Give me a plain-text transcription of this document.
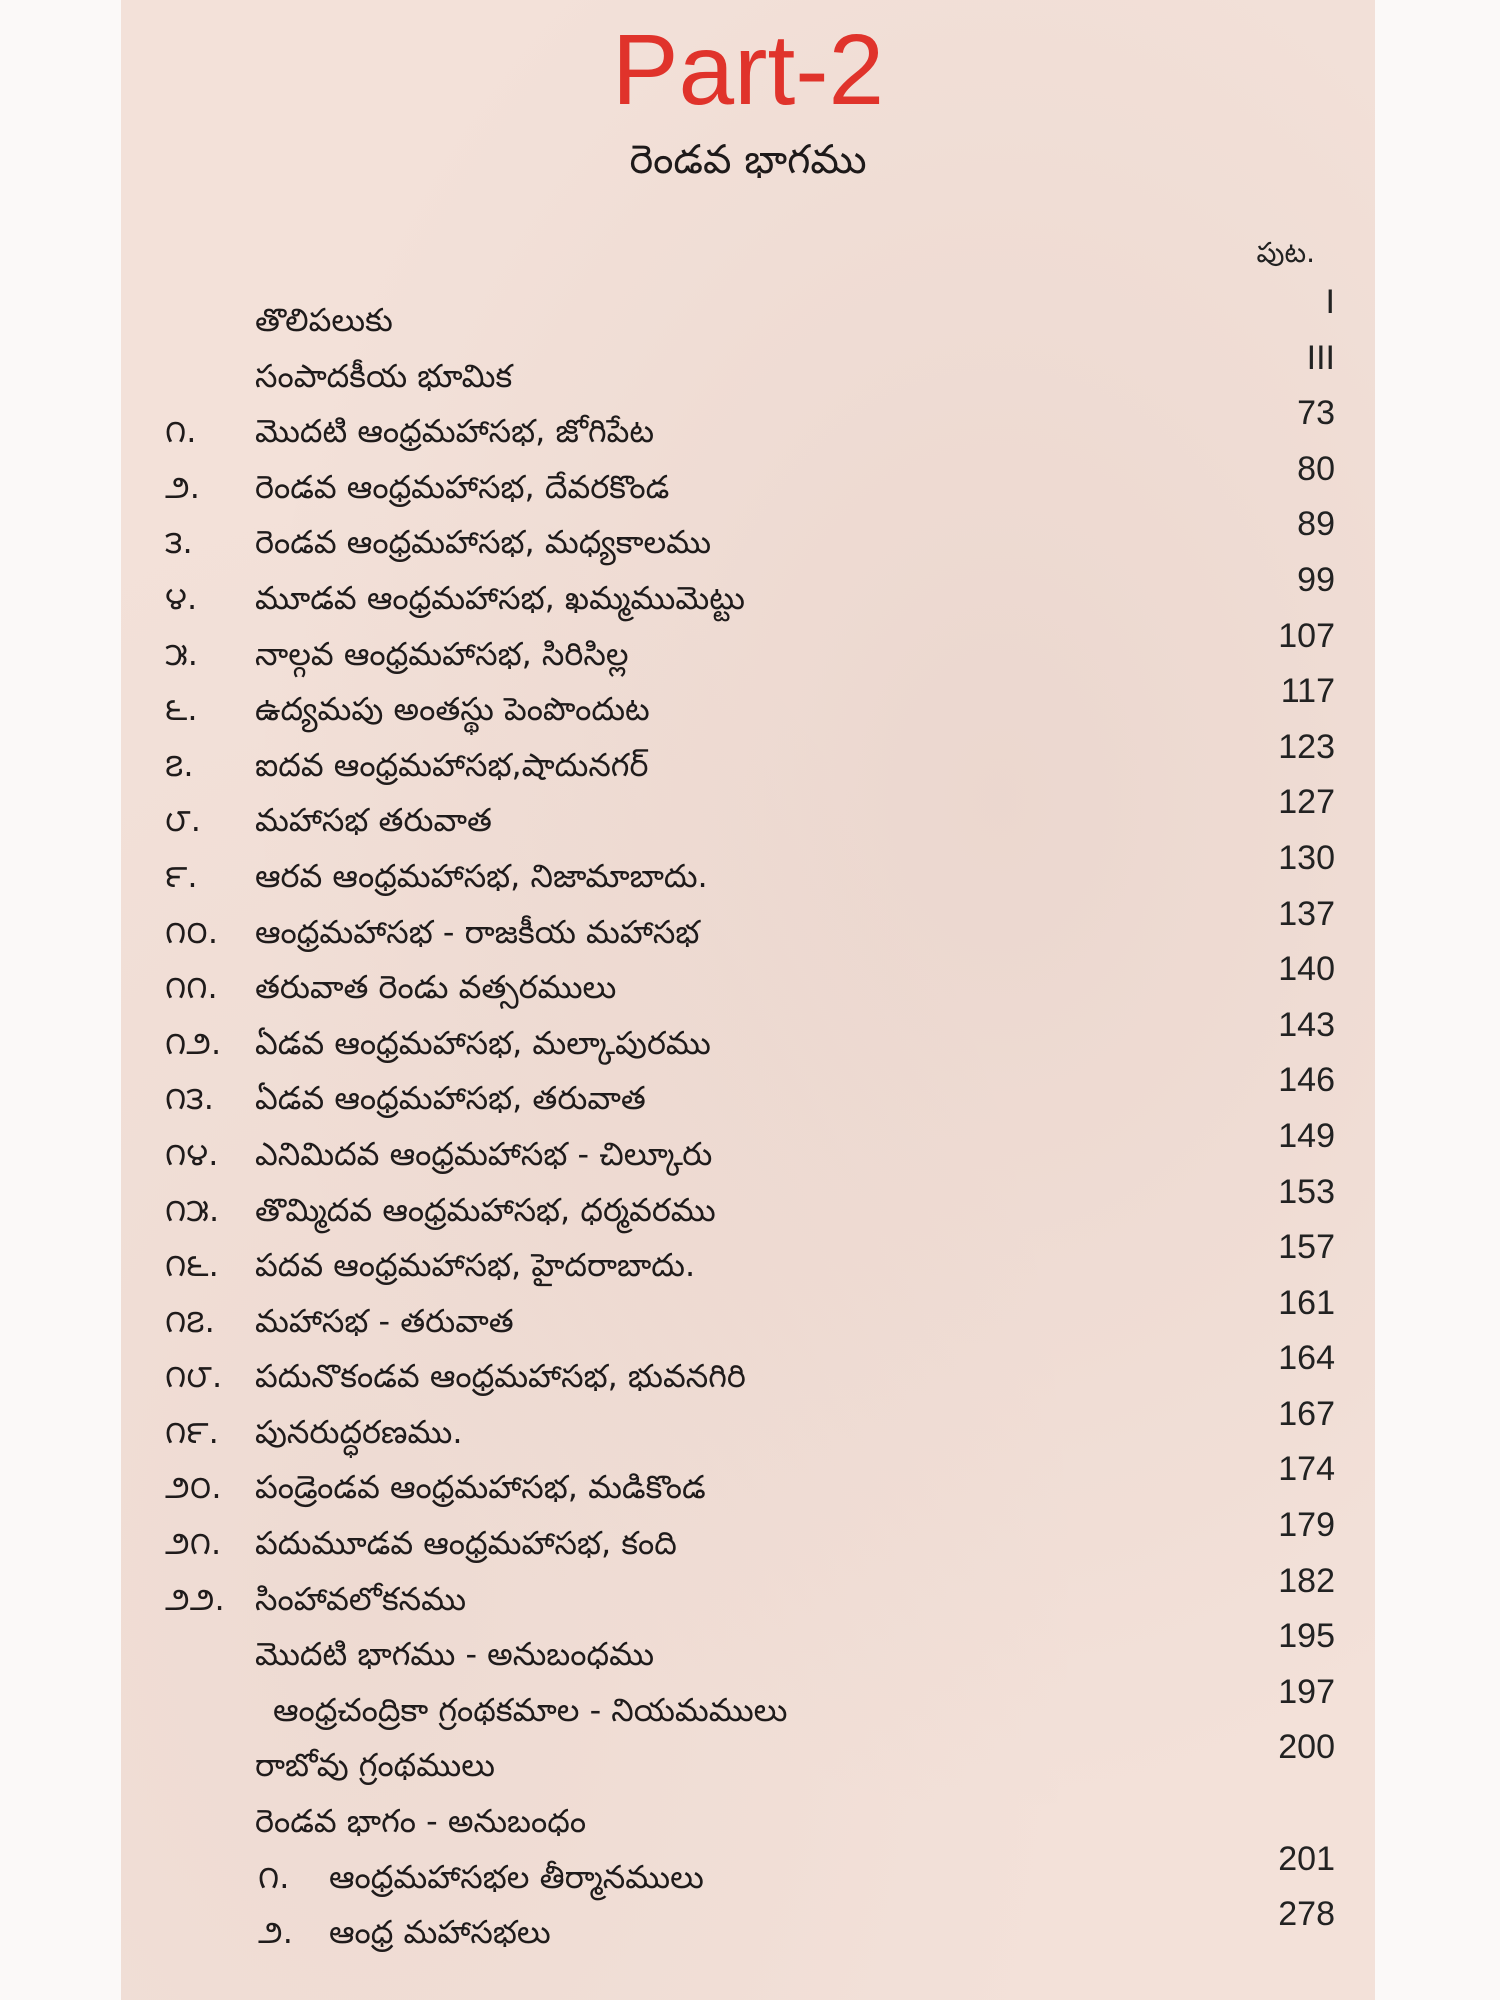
Part-2
రెండవ భాగము
పుట.
తొలిపలుకు	I
సంపాదకీయ భూమిక	III
౧.	మొదటి ఆంధ్రమహాసభ, జోగిపేట	73
౨.	రెండవ ఆంధ్రమహాసభ, దేవరకొండ	80
౩.	రెండవ ఆంధ్రమహాసభ, మధ్యకాలము	89
౪.	మూడవ ఆంధ్రమహాసభ, ఖమ్మముమెట్టు	99
౫.	నాల్గవ ఆంధ్రమహాసభ, సిరిసిల్ల	107
౬.	ఉద్యమపు అంతస్థు పెంపొందుట	117
౭.	ఐదవ ఆంధ్రమహాసభ,షాదునగర్	123
౮.	మహాసభ తరువాత	127
౯.	ఆరవ ఆంధ్రమహాసభ, నిజామాబాదు.	130
౧౦.	ఆంధ్రమహాసభ - రాజకీయ మహాసభ	137
౧౧.	తరువాత రెండు వత్సరములు	140
౧౨.	ఏడవ ఆంధ్రమహాసభ, మల్కాపురము	143
౧౩.	ఏడవ ఆంధ్రమహాసభ, తరువాత	146
౧౪.	ఎనిమిదవ ఆంధ్రమహాసభ - చిల్కూరు	149
౧౫.	తొమ్మిదవ ఆంధ్రమహాసభ, ధర్మవరము	153
౧౬.	పదవ ఆంధ్రమహాసభ, హైదరాబాదు.	157
౧౭.	మహాసభ - తరువాత	161
౧౮.	పదునొకండవ ఆంధ్రమహాసభ, భువనగిరి	164
౧౯.	పునరుద్ధరణము.	167
౨౦.	పండ్రెండవ ఆంధ్రమహాసభ, మడికొండ	174
౨౧.	పదుమూడవ ఆంధ్రమహాసభ, కంది	179
౨౨. సింహావలోకనము	182
మొదటి భాగము - అనుబంధము	195
ఆంధ్రచంద్రికా గ్రంథకమాల - నియమములు	197
రాబోవు గ్రంథములు	200
రెండవ భాగం - అనుబంధం
౧.	ఆంధ్రమహాసభల తీర్మానములు	201
౨.	ఆంధ్ర మహాసభలు	278
